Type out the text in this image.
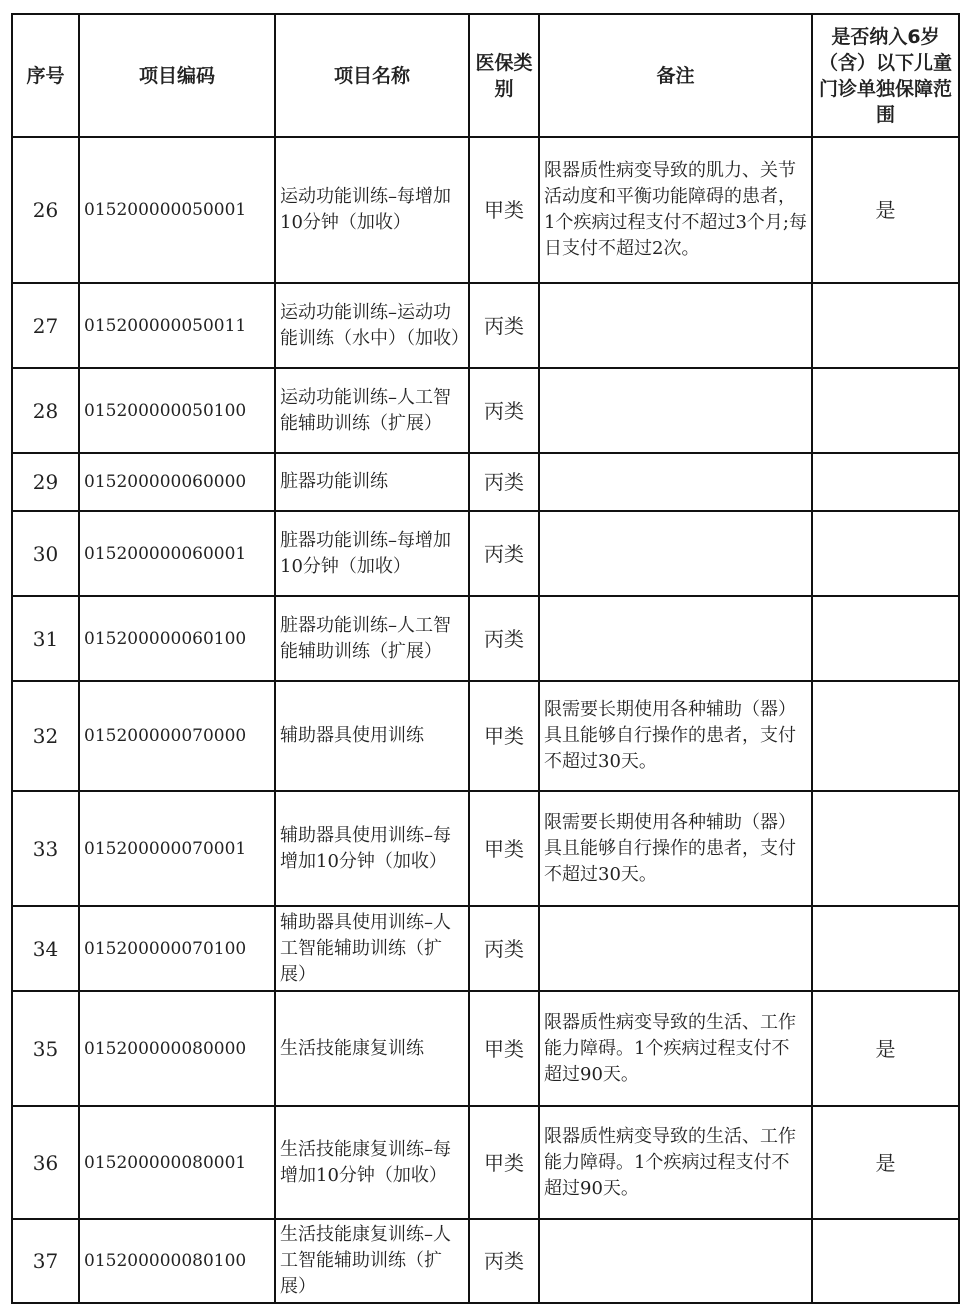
序号	项目编码	项目名称	医保类别	备注	是否纳入6岁（含）以下儿童门诊单独保障范围
26	015200000050001	运动功能训练–每增加10分钟（加收）	甲类	限器质性病变导致的肌力、关节活动度和平衡功能障碍的患者，1个疾病过程支付不超过3个月;每日支付不超过2次。	是
27	015200000050011	运动功能训练–运动功能训练（水中）（加收）	丙类		
28	015200000050100	运动功能训练–人工智能辅助训练（扩展）	丙类		
29	015200000060000	脏器功能训练	丙类		
30	015200000060001	脏器功能训练–每增加10分钟（加收）	丙类		
31	015200000060100	脏器功能训练–人工智能辅助训练（扩展）	丙类		
32	015200000070000	辅助器具使用训练	甲类	限需要长期使用各种辅助（器）具且能够自行操作的患者，支付不超过30天。	
33	015200000070001	辅助器具使用训练–每增加10分钟（加收）	甲类	限需要长期使用各种辅助（器）具且能够自行操作的患者，支付不超过30天。	
34	015200000070100	辅助器具使用训练–人工智能辅助训练（扩展）	丙类		
35	015200000080000	生活技能康复训练	甲类	限器质性病变导致的生活、工作能力障碍。1个疾病过程支付不超过90天。	是
36	015200000080001	生活技能康复训练–每增加10分钟（加收）	甲类	限器质性病变导致的生活、工作能力障碍。1个疾病过程支付不超过90天。	是
37	015200000080100	生活技能康复训练–人工智能辅助训练（扩展）	丙类		
